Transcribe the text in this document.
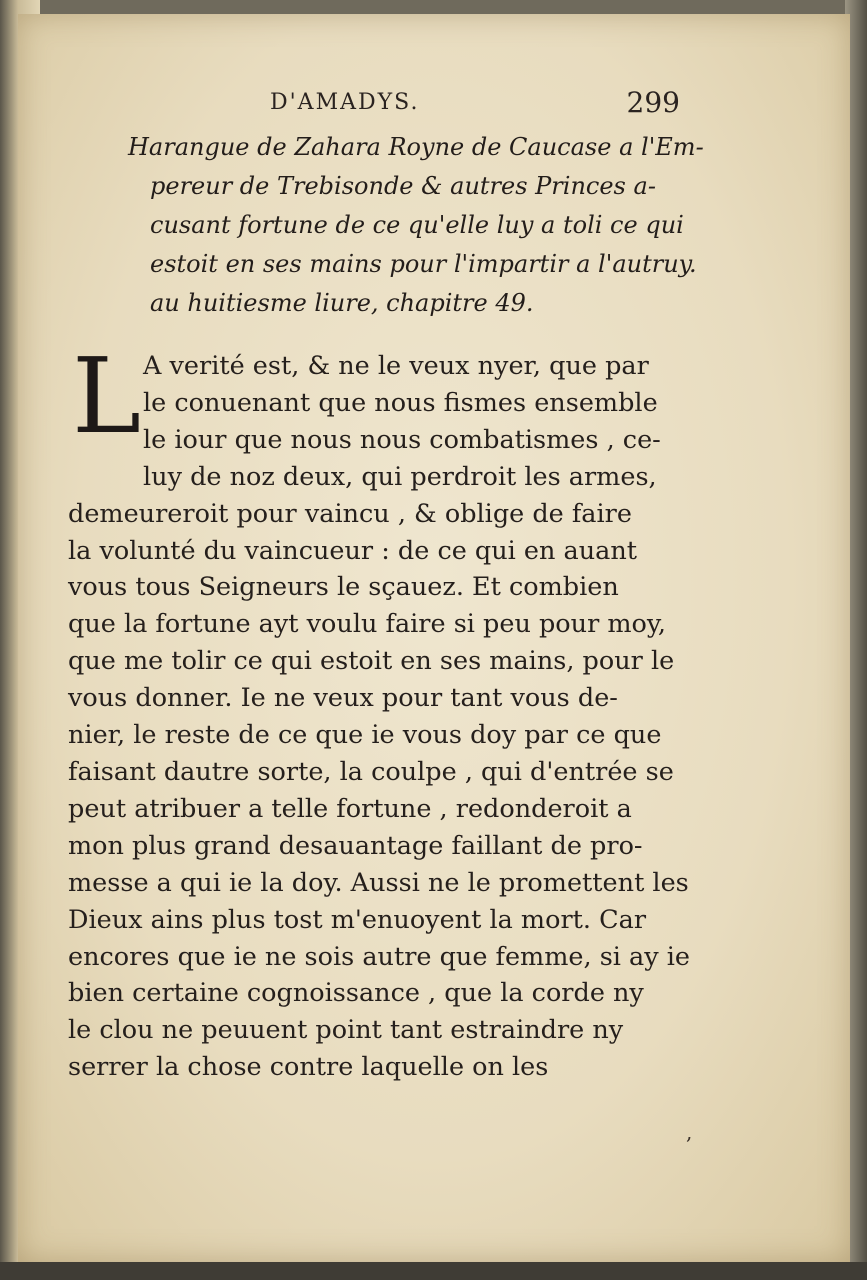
D'AMADYS.	299
Harangue de Zahara Royne de Caucase a l'Em-
pereur de Trebisonde & autres Princes a-
cusant fortune de ce qu'elle luy a toli ce qui
estoit en ses mains pour l'impartir a l'autruy.
au huitiesme liure, chapitre 49.
L A verité est, & ne le veux nyer, que par
le conuenant que nous fismes ensemble
le iour que nous nous combatismes , ce-
luy de noz deux, qui perdroit les armes,
demeureroit pour vaincu , & oblige de faire
la volunté du vaincueur : de ce qui en auant
vous tous Seigneurs le sçauez. Et combien
que la fortune ayt voulu faire si peu pour moy,
que me tolir ce qui estoit en ses mains, pour le
vous donner. Ie ne veux pour tant vous de-
nier, le reste de ce que ie vous doy par ce que
faisant dautre sorte, la coulpe , qui d'entrée se
peut atribuer a telle fortune , redonderoit a
mon plus grand desauantage faillant de pro-
messe a qui ie la doy. Aussi ne le promettent les
Dieux ains plus tost m'enuoyent la mort. Car
encores que ie ne sois autre que femme, si ay ie
bien certaine cognoissance , que la corde ny
le clou ne peuuent point tant estraindre ny
serrer la chose contre laquelle on les
,
